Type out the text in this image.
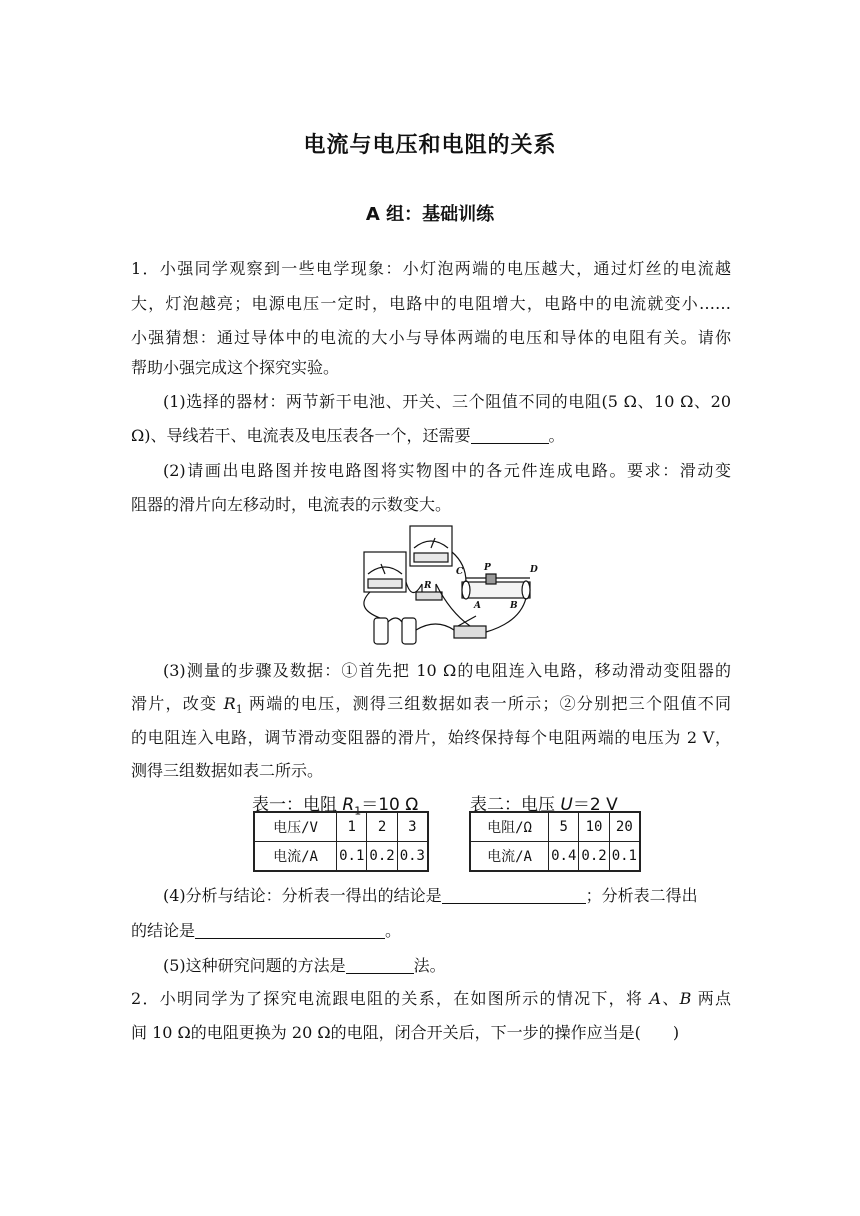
电流与电压和电阻的关系
A 组：基础训练
1．小强同学观察到一些电学现象：小灯泡两端的电压越大，通过灯丝的电流越
大，灯泡越亮；电源电压一定时，电路中的电阻增大，电路中的电流就变小……
小强猜想：通过导体中的电流的大小与导体两端的电压和导体的电阻有关。请你
帮助小强完成这个探究实验。
(1)选择的器材：两节新干电池、开关、三个阻值不同的电阻(5 Ω、10 Ω、20
Ω)、导线若干、电流表及电压表各一个，还需要	。
(2)请画出电路图并按电路图将实物图中的各元件连成电路。要求：滑动变
阻器的滑片向左移动时，电流表的示数变大。
C P	D
A	B
R
(3)测量的步骤及数据：①首先把 10 Ω的电阻连入电路，移动滑动变阻器的
滑片，改变 $R_1$ 两端的电压，测得三组数据如表一所示；②分别把三个阻值不同
的电阻连入电路，调节滑动变阻器的滑片，始终保持每个电阻两端的电压为 2 V，
测得三组数据如表二所示。
表一：电阻 $R_1=10$ Ω
电压/V	1	2	3
电流/A	0.1	0.2	0.3
表二：电压 U＝2 V
电阻/Ω	5	10	20
电流/A	0.4	0.2	0.1
(4)分析与结论：分析表一得出的结论是	；分析表二得出
的结论是	。
(5)这种研究问题的方法是	法。
2．小明同学为了探究电流跟电阻的关系，在如图所示的情况下，将 A、B 两点
间 10 Ω的电阻更换为 20 Ω的电阻，闭合开关后，下一步的操作应当是(　　)
